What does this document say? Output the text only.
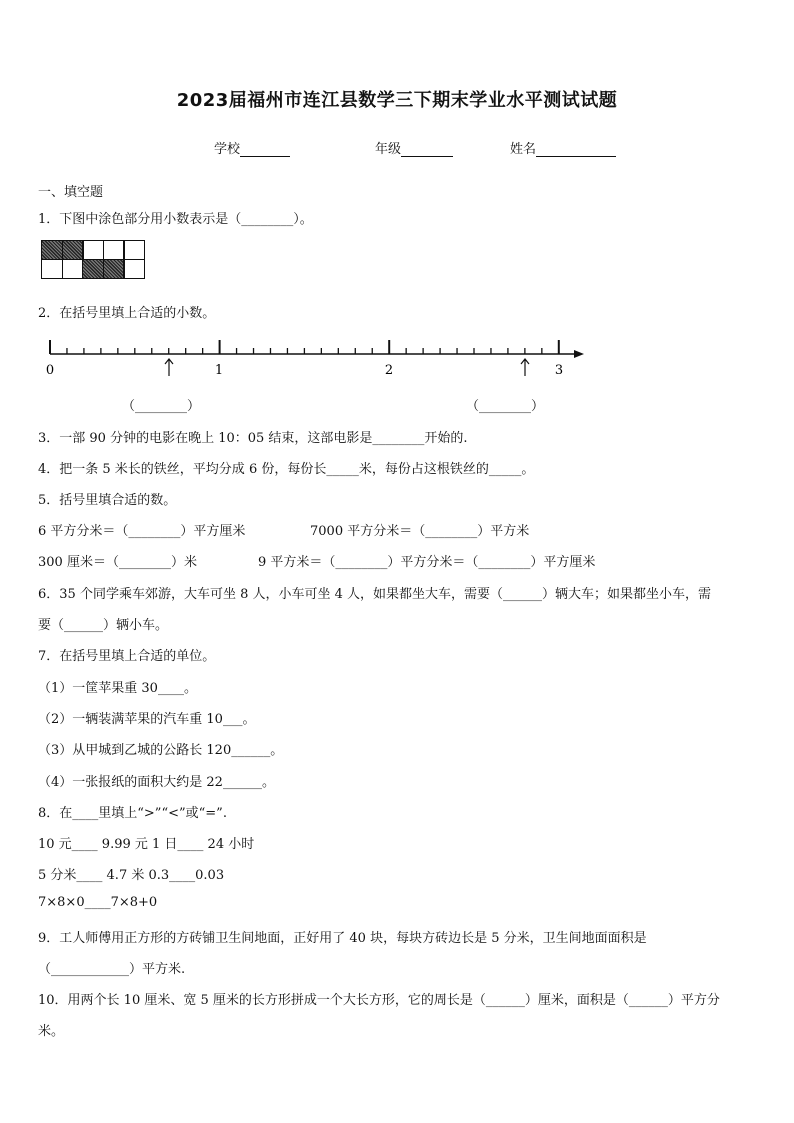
2023届福州市连江县数学三下期末学业水平测试试题
学校	年级	姓名
一、填空题
1．下图中涂色部分用小数表示是（________）。
2．在括号里填上合适的小数。
0	1	2	3
（________）	（________）
3．一部 90 分钟的电影在晚上 10：05 结束，这部电影是________开始的.
4．把一条 5 米长的铁丝，平均分成 6 份，每份长_____米，每份占这根铁丝的_____。
5．括号里填合适的数。
6 平方分米＝（________）平方厘米	7000 平方分米＝（________）平方米
300 厘米＝（________）米	9 平方米＝（________）平方分米＝（________）平方厘米
6．35 个同学乘车郊游，大车可坐 8 人，小车可坐 4 人，如果都坐大车，需要（______）辆大车；如果都坐小车，需
要（______）辆小车。
7．在括号里填上合适的单位。
（1）一筐苹果重 30____。
（2）一辆装满苹果的汽车重 10___。
（3）从甲城到乙城的公路长 120______。
（4）一张报纸的面积大约是 22______。
8．在____里填上“>”“<”或“=”.
10 元____ 9.99 元 1 日____ 24 小时
5 分米____ 4.7 米 0.3____0.03
7×8×0____7×8+0
9．工人师傅用正方形的方砖铺卫生间地面，正好用了 40 块，每块方砖边长是 5 分米，卫生间地面面积是
（____________）平方米.
10．用两个长 10 厘米、宽 5 厘米的长方形拼成一个大长方形，它的周长是（______）厘米，面积是（______）平方分
米。
